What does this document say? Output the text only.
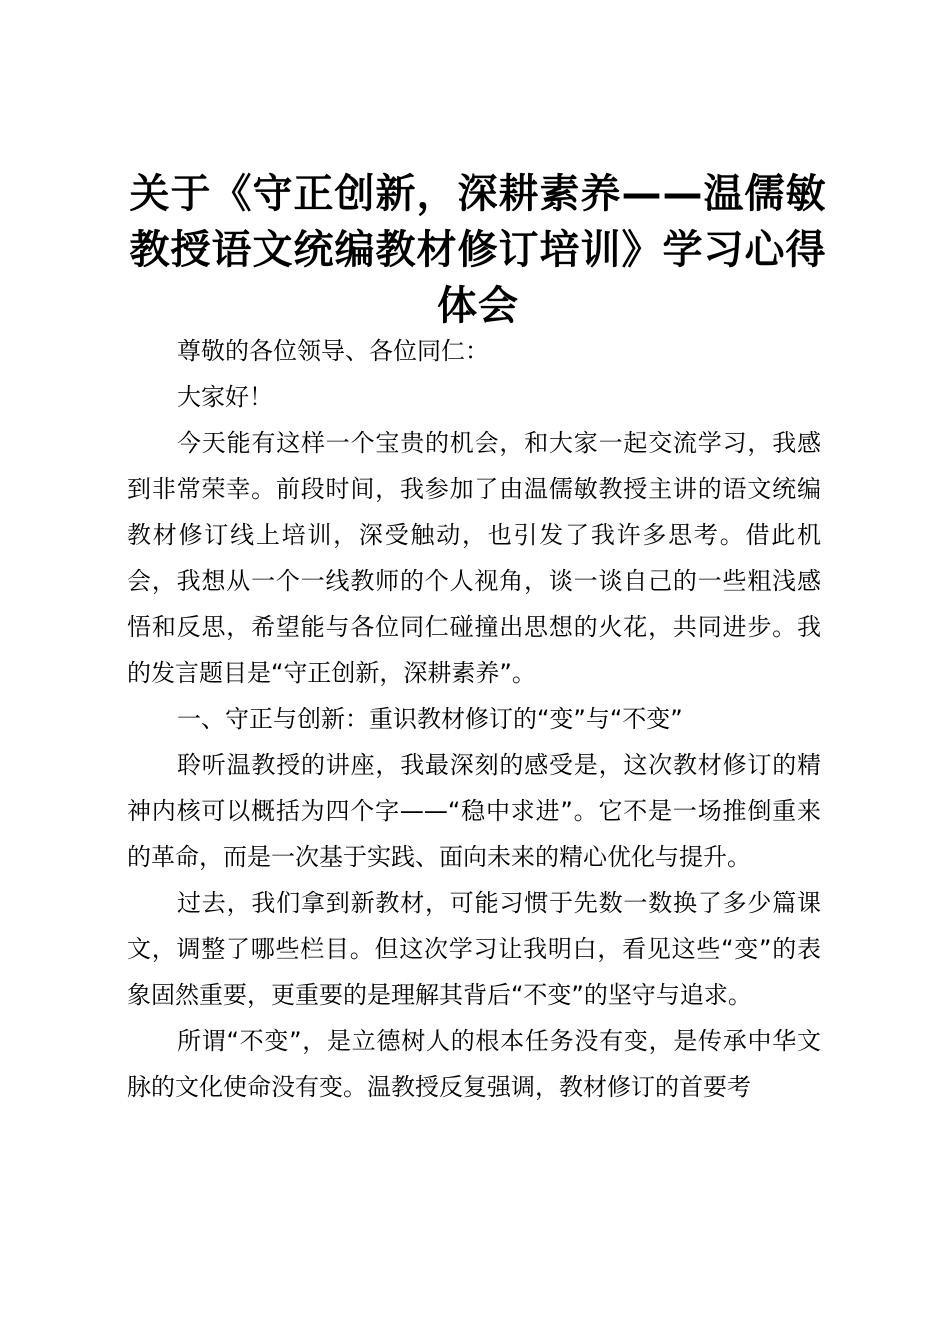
关于《守正创新，深耕素养——温儒敏教授语文统编教材修订培训》学习心得体会

尊敬的各位领导、各位同仁：

大家好！

今天能有这样一个宝贵的机会，和大家一起交流学习，我感到非常荣幸。前段时间，我参加了由温儒敏教授主讲的语文统编教材修订线上培训，深受触动，也引发了我许多思考。借此机会，我想从一个一线教师的个人视角，谈一谈自己的一些粗浅感悟和反思，希望能与各位同仁碰撞出思想的火花，共同进步。我的发言题目是“守正创新，深耕素养”。

一、守正与创新：重识教材修订的“变”与“不变”

聆听温教授的讲座，我最深刻的感受是，这次教材修订的精神内核可以概括为四个字——“稳中求进”。它不是一场推倒重来的革命，而是一次基于实践、面向未来的精心优化与提升。

过去，我们拿到新教材，可能习惯于先数一数换了多少篇课文，调整了哪些栏目。但这次学习让我明白，看见这些“变”的表象固然重要，更重要的是理解其背后“不变”的坚守与追求。

所谓“不变”，是立德树人的根本任务没有变，是传承中华文脉的文化使命没有变。温教授反复强调，教材修订的首要考
